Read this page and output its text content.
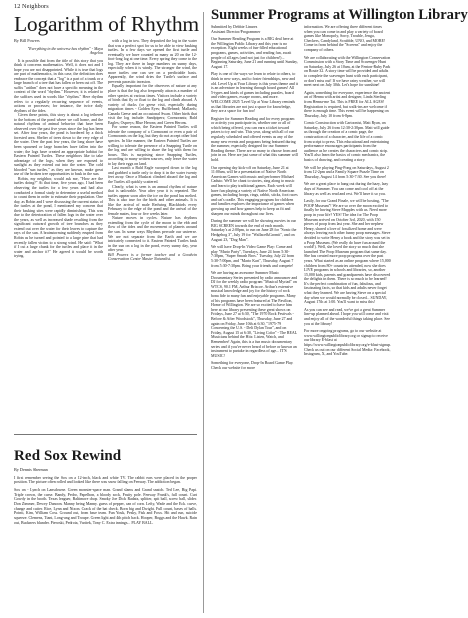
12 Neighbors
Logarithm of Rhythm

By Bill Powers

"Everything in the universe has rhythm" - Maya Angelou

It is possible that from the title of this story that you think it concerns mathematics. Well, it does not and I hope you are not disappointed. While it is true that logs are part of mathematics, in this case, the definition does embrace the concept that a "log" is a part of a trunk or a large branch of a tree that has fallen or been cut off. The suffix "arithm" does not have a specific meaning in the context of the word "rhythm." However, it is related to the suffixes used in words like "rhythm." Here rhythm refers to a regularly recurring sequence of events, actions or processes; for instance, the twice daily rhythms of the tides.

Given these points, this story is about a log tethered to the bottom of the pond where we call home, and the natural rhythms of animal behavior that have been observed over the past five years since the log has been set. After four years, the pond is bordered by a thick forested area. Shelter of trees down to the very edge of the water. Over the past few years, the long shore have been spawned or large branches have fallen into the water; the logs have created an appropriate habitat for Eastern Painted Turtles. These neighbors like to take advantage of the logs, when they are exposed to sunlight as they extend out into the water. The cold blooded "sun turtles," as they are known, make great use of the broken tree opportunities to bask in the sun.

Robin, my neighbor, would ask me, "How are the turtles doing?" At that time, five years ago, I had been observing the turtles for a few years and had also conducted a formal study to determine a useful method to count them in order to estimate their population. One day, as Robin and I were discussing the current status of the turtles at the pond, I mentioned my concern that their basking sites were rapidly diminishing. This was due to the deterioration of fallen logs in the water over the years, as well as increased shade resulting from the significant outward growth of tree branches as they extend out over the water for their leaves to capture the rays of the sun. A brainstorming suddenly erupted from Robin as he turned and pointed to a large pine that had recently fallen victim to a strong wind. He said: "What if I cut a large chunk for the turtles and place it in the water and anchor it?" He agreed it would be worth trying.

with a log in tow. They deposited the log in the water that was a perfect spot for us to be able to view basking turtles. In a few days we opened the first turtle and eventually we have counted as many as 20 on the 12-foot-long log at one time. Every spring they come to the log. They are there in large numbers on sunny days, especially when it is windy. The stronger the wind, the more turtles one can see on a predictable basis. Apparently, the wind dries the Turtle's surface and prevents parasitic invasion.

Equally important for the observers of nature at any place is that the log also frequently attracts a number of other species at various times. Visitors include a variety of birds that fly or float to the log and climb aboard. A variety of ducks (or geese visit, especially during migration times - Golden Eyes; Bufflehead; Mallards; Canada Geese and an occasional Swan. Other birds that visit the log include: Sandpipers; Cormorants; Bald Eagles; Ospreys; Blue Herons; and Green Herons.

For some reason, the Eastern Painted Turtles will tolerate the company of a Cormorant or even a pair of Cormorants on the log, but they do not accept other bird species. In like manner, the Eastern Painted Turtles are willing to tolerate the presence of a Snapping Turtle on the log and are willing to share the log with them for hours. This is surprising since Snapping Turtles, according to many written sources, only leave the water to lay their eggs on land.

Last month a Bald Eagle swooped down to the log and grabbed a turtle only to drop it in the water twenty feet away. Once a Muskrat climbed aboard the log and the Turtles all quickly scattered.

Clearly, what is seen is an annual rhythm of nature that is unlovable. Year after year it is repeated. The turtles appear soon after the ice on the pond has melted. This is also true for the birds and other animals. It is like the arrival of male Redwing Blackbirds every February to the edge of the pond and the arrival of the female mates, four or five weeks later.

Nature moves in cycles. Nature has rhythms extending from the cycle of the moon to the ebb and flow of the tides and the movement of planets around the sun. In some ways Rhythms pervade our universe. We are not separate from the Earth and we are intricately connected to it. Eastern Painted Turtles bask in the sun on a log in the pond, every sunny day, year after year.

Bill Powers is a former teacher and a Goodwin Conservation Center Master Naturalist.

Red Sox Rewind

By Dennis Sherman

I first remember seeing the Sox on a 12-inch, black and white TV. The rabbit ears were placed in the proper position. The picture often rolled and looked like there was snow falling on Fenway. The addiction began.

Sox on - Lynch on Lansdowne. Green monster-space man. Grand slams and Grand snatch. Ted Lee, Big Papi. Triple crown, the curse. Bandy, Pedro, Papelbon, a bloody sock, Fruity pole. Fenway Frank's, full count. Curt Gowdy in the booth. Texas leaguer, Baltimore chop. Smoky Joe Dick Radatz, splitter, spit ball, screw ball, slider. Don Zimmer, Dewey Dunoon. Manny being Manny. guess of pepper, can of corn. Lefty, Wade and the Eck. curve, change and cutter. Rice, Lynn and Nixon. Crack of the bat check. Born big and Dwight. Full count, bases of balls. Pointi, Kim, William Coss. Ground out, from base team. Fun Youk, Pesky, Fisk and Foxx. Hit and run, suicide squeeze. Clemens, Tiant, Long-ang and Troupe. Green light and 4th pitch back. Hooper, Boggs and the Hawk. Rain out, Buckners blunder. Pieroski, Pedroia, Varitek, Tony C. Extra innings... PLAY BALL.

Summer Programs at Willington Library

Submitted by Debbie Linares

Assistant Director/Programmer

Our Summer Reading Program is a BIG deal here at the Willington Public Library and this year is no exception. Eight weeks of fun-filled educational programs, games, activities, and reading fun, await people of all ages (and not just for children!) – Beginning Saturday, June 21 and running until Sunday, August 17.

Play is one of the ways we learn to relate to others, to think in new ways, and to foster friendships, new and old. Level Up at Your Library is this years theme and it is an adventure in learning through board games! All 5-types and kinds of games including puzzles, board and video games, escape rooms, and more. WELCOME 2025 'Level Up at Your Library reminds us that libraries are not just a space for knowledge, they are a space for fun too!

Register for Summer Reading and for every program or activity you participate in, whether one or all of which being offered, you can earn a ticket toward prizes to try and win. This year, along with all of our regularly scheduled and offered events as any of the many new events and programs being featured during the summer, especially designed for our Summer Reading theme. There are so many to choose from and join in on. Here are just some of what this summer will hold.

Our opening day kick-off on Saturday, June 21 at 11:00am, will be a presentation of Native North American Games with music and performer Michael Caduto. We'll be chant to stories, sing along to music and learn to play traditional games. Each week will have fun playing a variety of Native North American games, including hoops, rings, rabbit, sticks, foot races and cat's cradle. This engaging program for children and families explores the importance of games when growing up and how games help to keep us fit and sharpen our minds throughout our lives.

During the summer we will be showing movies in our BIG SCREEN towards the end of each month. Saturday's at 2:00pm, to run on June 28 for "Sonic the Hedgehog 3", July 19 for "Wallace&Gromit", and on August 23, "Dog Man".

We will have Drop-In Video Game Play: Come and play "Mario Party", Tuesdays, June 24 from 5:30-7:30pm, "Super Smash Bros." Tuesday, July 22 from 5:30-7:00pm, and "Mario Kart", Thursday, August 7 from 5:30-7:30pm. Bring your friends and compete!

We are having an awesome Summer Music Documentary Series presented by radio announcer and DJ for the weekly radio program "Musical Myriad" on WTCS, 90.1 FM, Arthur Briscoe. Arthur's extensive musical knowledge and joy for the history of rock bona fide to many fun and enjoyable programs. Many of his programs have been featured at The Pavilion, Home of Willington. We are so excited to have him here at our library presenting these great shows on Fridays, June 27 at 6:30, "The 1970 Rock Festivals - Before & After Woodstock", Thursday, June 27 and again on Friday, June 10th at 6:30, "1975-79 Concerning the U.S. - Deli Dylan Tour", and on Friday, August 15 at 6:30, "Living Color" - The REAL Musicians behind the Hits: Listen, Watch, and Remember! Again, this is a fun music documentary series and if you've never heard of before or known an instrument to partake in regardless of age... IT'S MUSIC!

Something for everyone, Drop-In Board Game Play. Check our website for more

information. We are offering three different times when you can come in and play a variety of board games like Monopoly, Sorry, Trouble, Jenga, Checkers, Candyland, Scrabble, UNO, and MORE! Come in from behind the "Screens" and enjoy the company of others.

We are collaborating with the Willington Conservation Commission with a Story Time and Scavenger Hunt on Saturday, July 26 at 10am, at the Fenton-Ruby Park on Route 32. A story time will be provided and adults to complete the scavenger hunt with each participant, or don't miss out! If we have rainy weather, we will meet next on July 30th. Let's hope for sunshine!

Again, something for everyone, experience the ancient art of Henna with artist and designer, Linda Sterling from Henna-me Tai. This is FREE for ALL AGES! Registration is required, but walk-ins are welcome if there is enough time. This event will be happening on Thursday, July 10 from 6-8pm.

Comic Construction with Cartoonist, Matt Ryan, on Saturday, July 26 from 12:30-2:30pm. Matt will guide us through the creation of a comic page, the construction of a character, and the life of a comic from script to press. This educational and entertaining performance encourages participants from the audience as he creates the characters and comic strip. You'll also learn the basics of comic mechanics, the basics of drawing, and creating a story.

We will be playing Ping-Pong on Saturdays, August 2 from 12-2pm and a Family Square Puzzle Time on Thursday, August 14 from 5:30-7:30. See you there!

We are a great place to hang out during the hazy, lazy days of Summer. You can come and cool off at the library as well as read and rest. We'll have it so you.

Lastly, for our Grand Finale, we will be hosting, "The POOP Museum"! We are so over the moon excited to finally be having Steve Mapples with us. Need more poop in your life? YES! The idea for The Poop Museum arrived on October 3rd, 2020, with 150 pieces of poop from last year. She and her nephew Henry, shared a love of fossilized home and were always leaving each other funny poop messages. Steve decided to write Henry a book and the story was set in a Poop Museum. (We really do have fun around the world!). Well, she loved the story so much that she launched The Poop Museum program that same day. She has created more poop programs over the past years. What started as an online program where 15,000 children from 80+ countries attended, now she does LIVE programs in schools and libraries, so, another 15,000 kids, parents and grandparents have discovered the delights in them. There is so much to be learned! It's the perfect combination of fun, fabulous, and fascinating facts, so that kids and adults never forget what they learned. We are having Steve on a special day when we would normally be closed... SUNDAY, August 17th at 1:00. You'll want to miss this!

As you can see and read, we've got a great Summer line-up planned ahead. I hope you will come and visit and enjoy all of the wonderful things taking place. See you at the library!

For more ongoing programs, go to our website at www.willingtonpubliclibrary.org or signup to receive our library E-blast at https://www.willingtonpubliclibrary.org/e-blast-signup. Check us out on our different Social Media: Facebook, Instagram, X, and YouTube.
